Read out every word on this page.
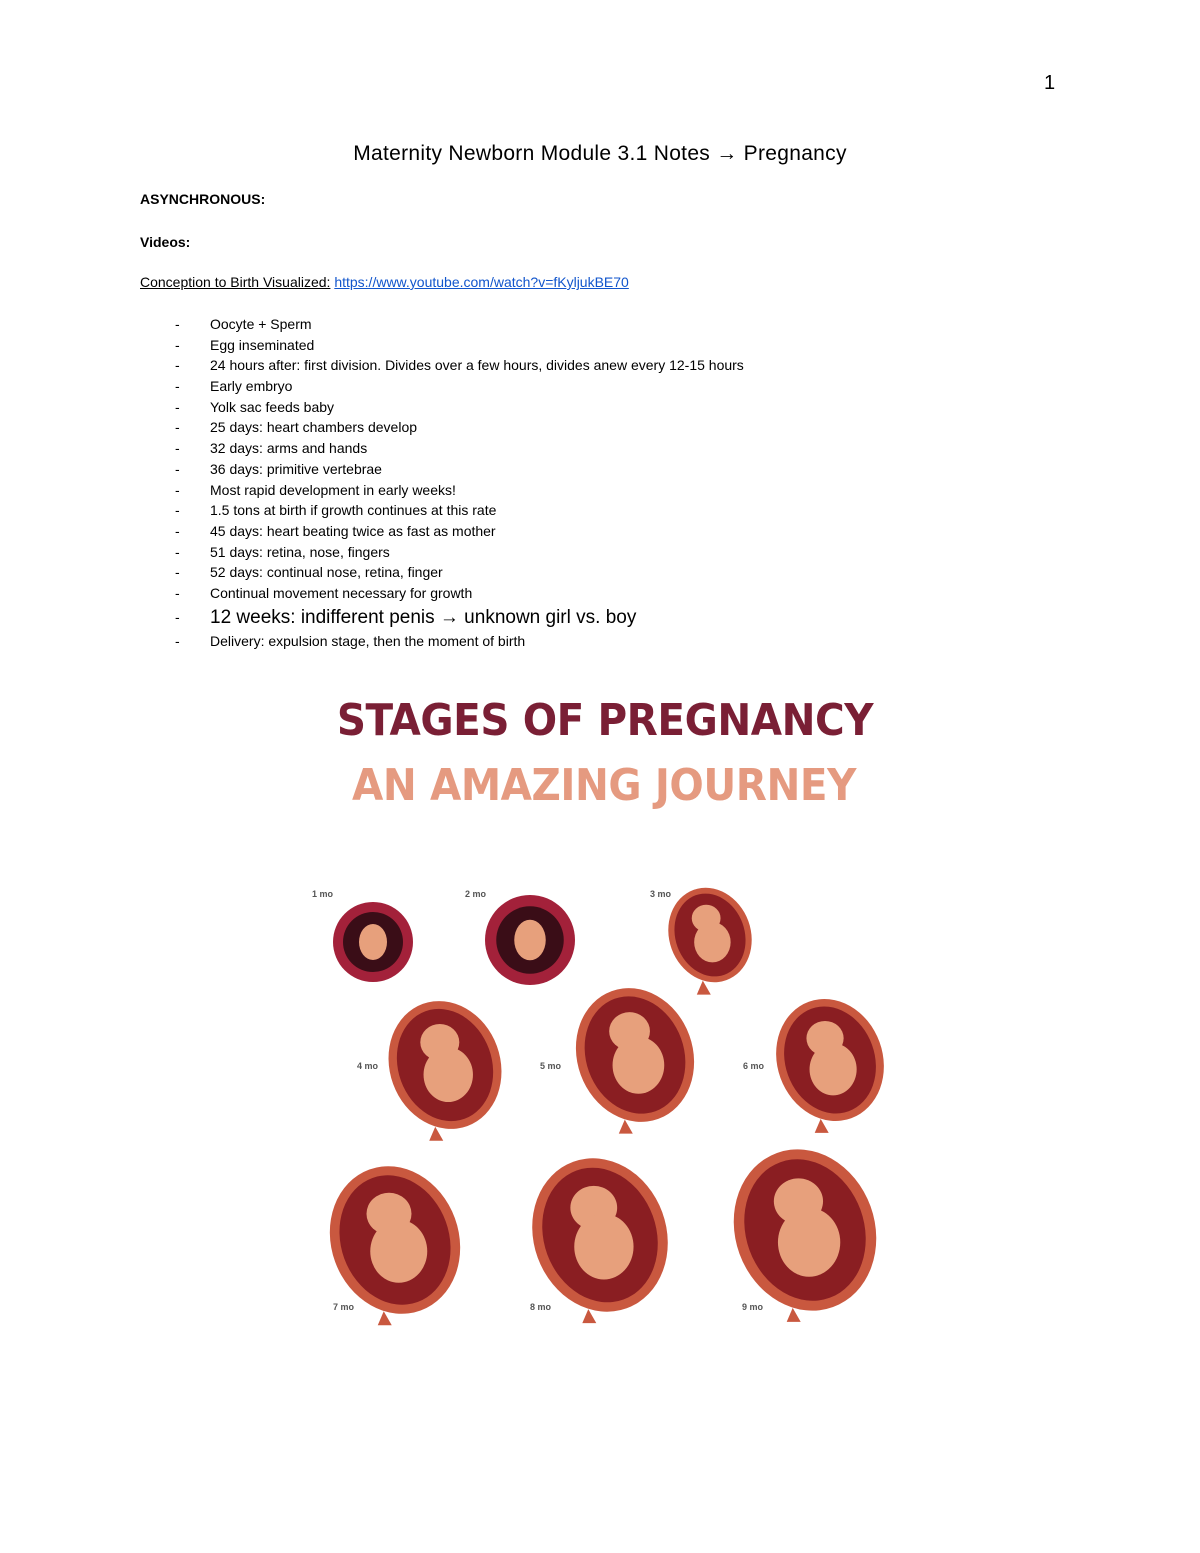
1
Maternity Newborn Module 3.1 Notes → Pregnancy
ASYNCHRONOUS:
Videos:
Conception to Birth Visualized: https://www.youtube.com/watch?v=fKyljukBE70
- Oocyte + Sperm
- Egg inseminated
- 24 hours after: first division. Divides over a few hours, divides anew every 12-15 hours
- Early embryo
- Yolk sac feeds baby
- 25 days: heart chambers develop
- 32 days: arms and hands
- 36 days: primitive vertebrae
- Most rapid development in early weeks!
- 1.5 tons at birth if growth continues at this rate
- 45 days: heart beating twice as fast as mother
- 51 days: retina, nose, fingers
- 52 days: continual nose, retina, finger
- Continual movement necessary for growth
- 12 weeks: indifferent penis → unknown girl vs. boy
- Delivery: expulsion stage, then the moment of birth
STAGES OF PREGNANCY
AN AMAZING JOURNEY
1 mo	2 mo	3 mo
4 mo	5 mo	6 mo
7 mo	8 mo	9 mo
